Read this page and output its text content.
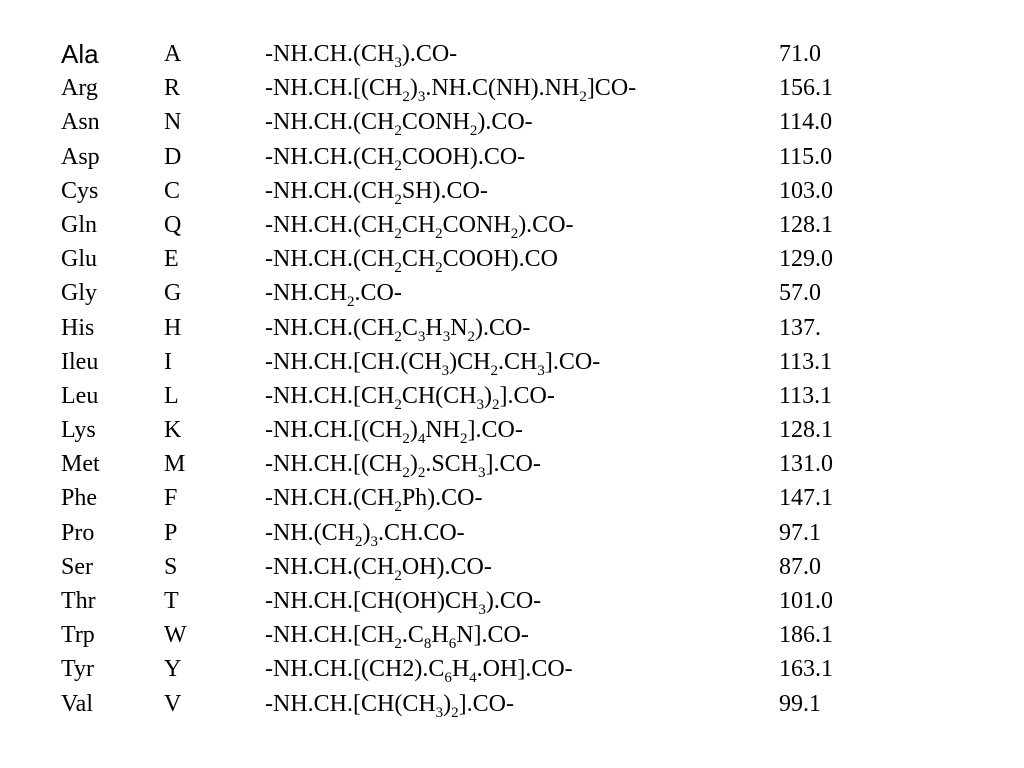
Ala	A	$-NH.CH.(CH_3).CO-$	71.0
Arg	R	$-NH.CH.[(CH_2)_3.NH.C(NH).NH_2]CO-$	156.1
Asn	N	$-NH.CH.(CH_2CONH_2).CO-$	114.0
Asp	D	$-NH.CH.(CH_2COOH).CO-$	115.0
Cys	C	$-NH.CH.(CH_2SH).CO-$	103.0
Gln	Q	$-NH.CH.(CH_2CH_2CONH_2).CO-$	128.1
Glu	E	$-NH.CH.(CH_2CH_2COOH).CO$	129.0
Gly	G	$-NH.CH_2.CO-$	57.0
His	H	$-NH.CH.(CH_2C_3H_3N_2).CO-$	137.
Ileu	I	$-NH.CH.[CH.(CH_3)CH_2.CH_3].CO-$	113.1
Leu	L	$-NH.CH.[CH_2CH(CH_3)_2].CO-$	113.1
Lys	K	$-NH.CH.[(CH_2)_4NH_2].CO-$	128.1
Met	M	$-NH.CH.[(CH_2)_2.SCH_3].CO-$	131.0
Phe	F	$-NH.CH.(CH_2Ph).CO-$	147.1
Pro	P	$-NH.(CH_2)_3.CH.CO-$	97.1
Ser	S	$-NH.CH.(CH_2OH).CO-$	87.0
Thr	T	$-NH.CH.[CH(OH)CH_3).CO-$	101.0
Trp	W	$-NH.CH.[CH_2.C_8H_6N].CO-$	186.1
Tyr	Y	$-NH.CH.[(CH2).C_6H_4.OH].CO-$	163.1
Val	V	$-NH.CH.[CH(CH_3)_2].CO-$	99.1
